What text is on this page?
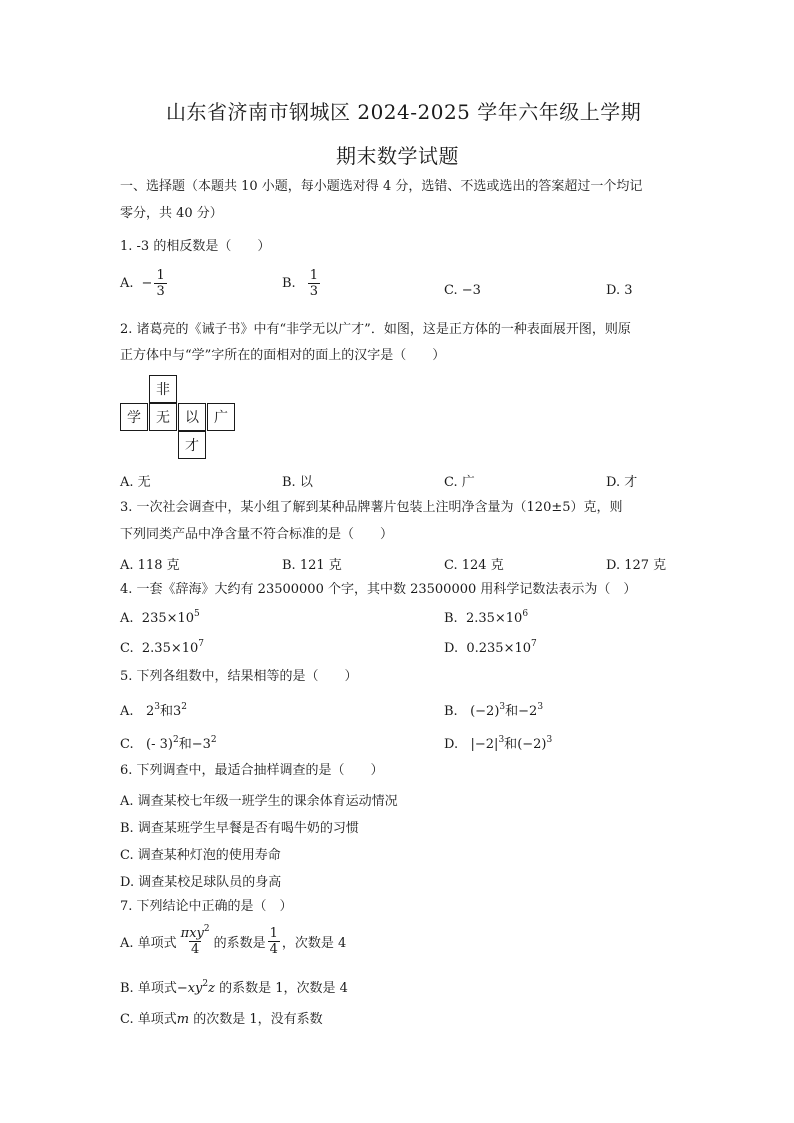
山东省济南市钢城区 2024-2025 学年六年级上学期
期末数学试题
一、选择题（本题共 10 小题，每小题选对得 4 分，选错、不选或选出的答案超过一个均记
零分，共 40 分）
1. -3 的相反数是（　　）
A. − $\frac{1}{3}$	B. $\frac{1}{3}$	C. −3	D. 3
2. 诸葛亮的《诫子书》中有“非学无以广才”．如图，这是正方体的一种表面展开图，则原
正方体中与“学”字所在的面相对的面上的汉字是（　　）
非
学	无	以	广
才
A. 无	B. 以	C. 广	D. 才
3. 一次社会调查中，某小组了解到某种品牌薯片包装上注明净含量为（120±5）克，则
下列同类产品中净含量不符合标准的是（　　）
A. 118 克	B. 121 克	C. 124 克	D. 127 克
4. 一套《辞海》大约有 23500000 个字，其中数 23500000 用科学记数法表示为（　）
A. $235\times 10^5$	B. $2.35\times 10^6$
C. $2.35\times 10^7$	D. $0.235\times 10^7$
5. 下列各组数中，结果相等的是（　　）
A. $2^3$和$3^2$	B. $(-2)^3$和$-2^3$
C. (- 3)$^2$和$-3^2$	D. $|-2|^3$和$(-2)^3$
6. 下列调查中，最适合抽样调查的是（　　）
A. 调查某校七年级一班学生的课余体育运动情况
B. 调查某班学生早餐是否有喝牛奶的习惯
C. 调查某种灯泡的使用寿命
D. 调查某校足球队员的身高
7. 下列结论中正确的是（　）
A. 单项式 $\frac{\pi xy^2}{4}$ 的系数是 $\frac{1}{4}$ ，次数是 4
B. 单项式$-xy^2z$ 的系数是 1，次数是 4
C. 单项式m 的次数是 1，没有系数
